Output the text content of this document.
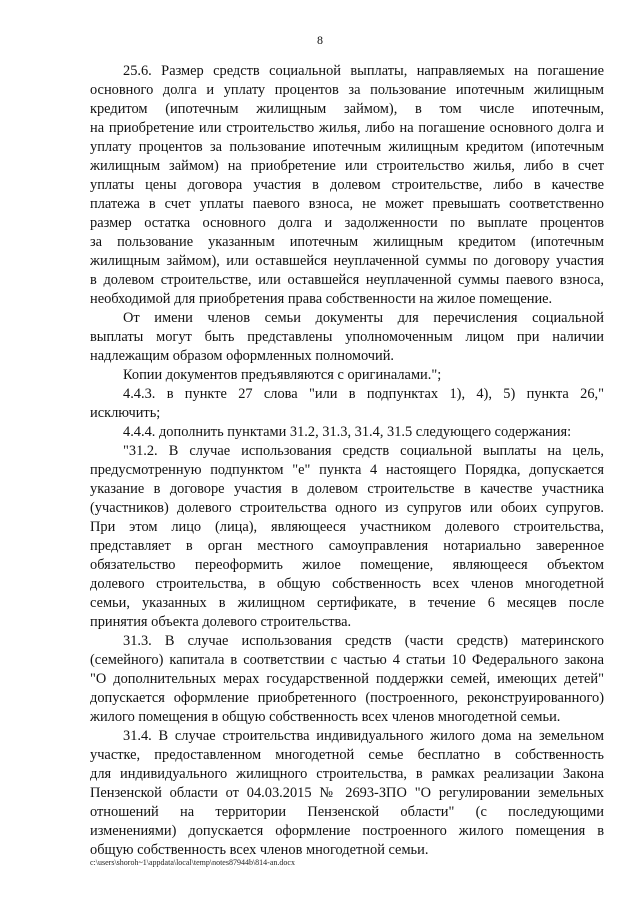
8
25.6. Размер средств социальной выплаты, направляемых на погашение
основного долга и уплату процентов за пользование ипотечным жилищным
кредитом (ипотечным жилищным займом), в том числе ипотечным,
на приобретение или строительство жилья, либо на погашение основного долга и
уплату процентов за пользование ипотечным жилищным кредитом (ипотечным
жилищным займом) на приобретение или строительство жилья, либо в счет
уплаты цены договора участия в долевом строительстве, либо в качестве
платежа в счет уплаты паевого взноса, не может превышать соответственно
размер остатка основного долга и задолженности по выплате процентов
за пользование указанным ипотечным жилищным кредитом (ипотечным
жилищным займом), или оставшейся неуплаченной суммы по договору участия
в долевом строительстве, или оставшейся неуплаченной суммы паевого взноса,
необходимой для приобретения права собственности на жилое помещение.
От имени членов семьи документы для перечисления социальной
выплаты могут быть представлены уполномоченным лицом при наличии
надлежащим образом оформленных полномочий.
Копии документов предъявляются с оригиналами.";
4.4.3. в пункте 27 слова "или в подпунктах 1), 4), 5) пункта 26,"
исключить;
4.4.4. дополнить пунктами 31.2, 31.3, 31.4, 31.5 следующего содержания:
"31.2. В случае использования средств социальной выплаты на цель,
предусмотренную подпунктом "е" пункта 4 настоящего Порядка, допускается
указание в договоре участия в долевом строительстве в качестве участника
(участников) долевого строительства одного из супругов или обоих супругов.
При этом лицо (лица), являющееся участником долевого строительства,
представляет в орган местного самоуправления нотариально заверенное
обязательство переоформить жилое помещение, являющееся объектом
долевого строительства, в общую собственность всех членов многодетной
семьи, указанных в жилищном сертификате, в течение 6 месяцев после
принятия объекта долевого строительства.
31.3. В случае использования средств (части средств) материнского
(семейного) капитала в соответствии с частью 4 статьи 10 Федерального закона
"О дополнительных мерах государственной поддержки семей, имеющих детей"
допускается оформление приобретенного (построенного, реконструированного)
жилого помещения в общую собственность всех членов многодетной семьи.
31.4. В случае строительства индивидуального жилого дома на земельном
участке, предоставленном многодетной семье бесплатно в собственность
для индивидуального жилищного строительства, в рамках реализации Закона
Пензенской области от 04.03.2015 № 2693-ЗПО "О регулировании земельных
отношений на территории Пензенской области" (с последующими
изменениями) допускается оформление построенного жилого помещения в
общую собственность всех членов многодетной семьи.
c:\users\shoroh~1\appdata\local\temp\notes87944b\814-an.docx
